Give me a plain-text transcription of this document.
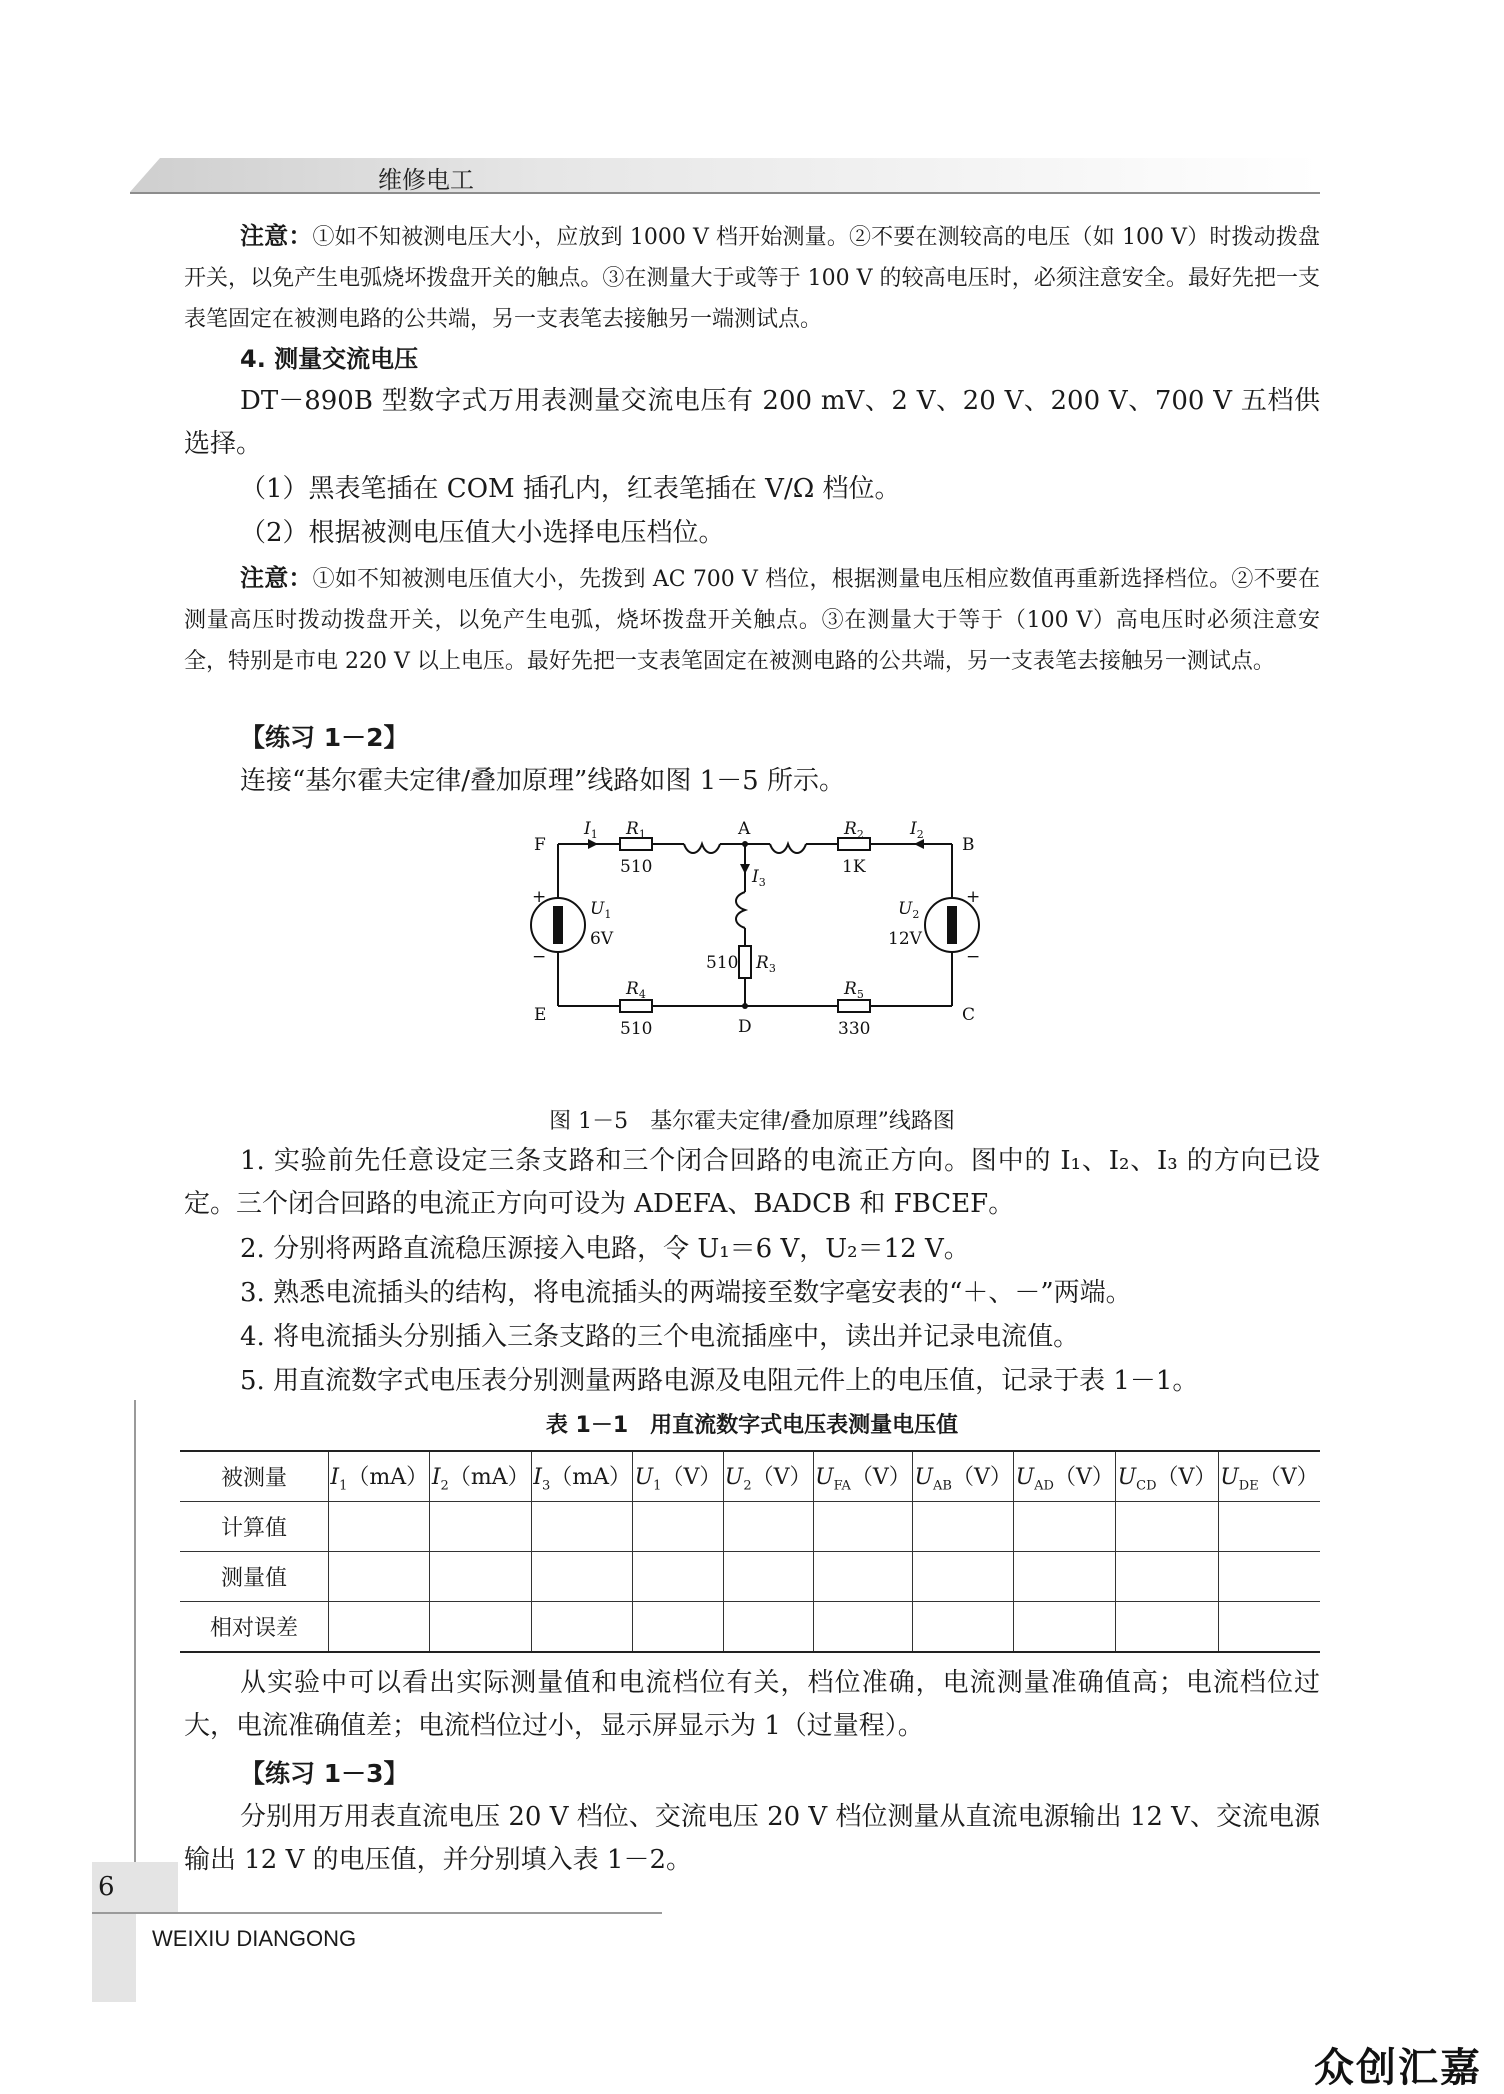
维修电工
注意：①如不知被测电压大小，应放到 1000 V 档开始测量。②不要在测较高的电压（如 100 V）时拨动拨盘开关，以免产生电弧烧坏拨盘开关的触点。③在测量大于或等于 100 V 的较高电压时，必须注意安全。最好先把一支表笔固定在被测电路的公共端，另一支表笔去接触另一端测试点。
4. 测量交流电压
DT－890B 型数字式万用表测量交流电压有 200 mV、2 V、20 V、200 V、700 V 五档供选择。
（1）黑表笔插在 COM 插孔内，红表笔插在 V/Ω 档位。
（2）根据被测电压值大小选择电压档位。
注意：①如不知被测电压值大小，先拨到 AC 700 V 档位，根据测量电压相应数值再重新选择档位。②不要在测量高压时拨动拨盘开关，以免产生电弧，烧坏拨盘开关触点。③在测量大于等于（100 V）高电压时必须注意安全，特别是市电 220 V 以上电压。最好先把一支表笔固定在被测电路的公共端，另一支表笔去接触另一测试点。
【练习 1－2】
连接“基尔霍夫定律/叠加原理”线路如图 1－5 所示。
F
A
B
E
D
C
$R_1$
510
$R_2$
1K
510 $R_3$
$R_4$
510
$R_5$
330
$I_1$	$I_2$
$I_3$
$U_1$
6V
$U_2$
12V
+
−
+
−
图 1－5　基尔霍夫定律/叠加原理”线路图
1. 实验前先任意设定三条支路和三个闭合回路的电流正方向。图中的 I₁、I₂、I₃ 的方向已设定。三个闭合回路的电流正方向可设为 ADEFA、BADCB 和 FBCEF。
2. 分别将两路直流稳压源接入电路，令 U₁＝6 V，U₂＝12 V。
3. 熟悉电流插头的结构，将电流插头的两端接至数字毫安表的“＋、－”两端。
4. 将电流插头分别插入三条支路的三个电流插座中，读出并记录电流值。
5. 用直流数字式电压表分别测量两路电源及电阻元件上的电压值，记录于表 1－1。
表 1－1　用直流数字式电压表测量电压值
被测量	$I_1(mA)$	$I_2(mA)$	$I_3(mA)$	$U_1(V)$	$U_2(V)$	$U_{FA}(V)$	$U_{AB}(V)$	$U_{AD}(V)$	$U_{CD}(V)$	$U_{DE}(V)$
计算值										
测量值										
相对误差										
从实验中可以看出实际测量值和电流档位有关，档位准确，电流测量准确值高；电流档位过大，电流准确值差；电流档位过小，显示屏显示为 1（过量程）。
【练习 1－3】
分别用万用表直流电压 20 V 档位、交流电压 20 V 档位测量从直流电源输出 12 V、交流电源输出 12 V 的电压值，并分别填入表 1－2。
6
WEIXIU DIANGONG
众创汇嘉
